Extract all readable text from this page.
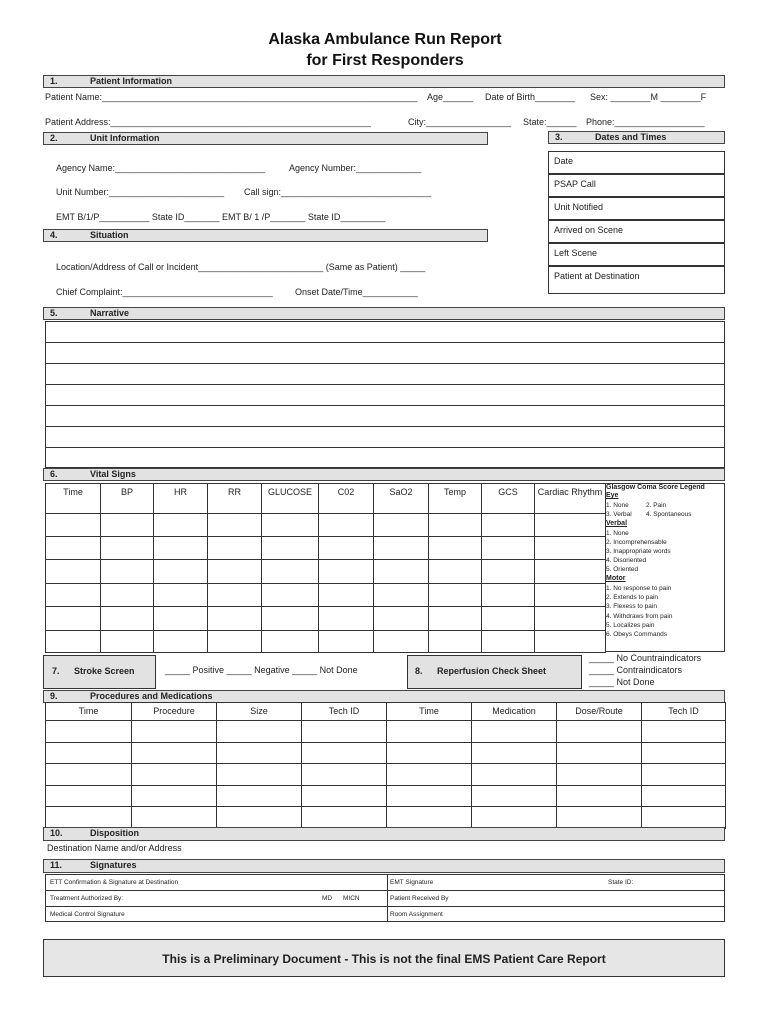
Alaska Ambulance Run Report
for First Responders
1.	Patient Information
Patient Name:_______________________________________________________________ Age______ Date of Birth________ Sex: ________M ________F
Patient Address:____________________________________________________	City:_________________ State:______ Phone:__________________
2.	Unit Information
Agency Name:______________________________	Agency Number:_____________
Unit Number:_______________________ Call sign:______________________________
EMT B/1/P__________ State ID_______ EMT B/ 1 /P_______ State ID_________
3.	Dates and Times
Date
PSAP Call
Unit Notified
Arrived on Scene
Left Scene
Patient at Destination
4.	Situation
Location/Address of Call or Incident_________________________ (Same as Patient) _____
Chief Complaint:______________________________ Onset Date/Time___________
5.	Narrative

6.	Vital Signs
Time	BP	HR	RR	GLUCOSE	C02	SaO2	Temp	GCS	Cardiac Rhythm

									Glasgow Coma Score Legend
Eye
1. None	2. Pain
3. Verbal 4. Spontaneous
Verbal
1. None
2. Incomprehensable
3. Inappropriate words
4. Disoriented
5. Oriented
Motor
1. No response to pain
2. Extends to pain
3. Flexess to pain
4. Withdraws from pain
5. Localizes pain
6. Obeys Commands
7. Stroke Screen	_____ Positive _____ Negative _____ Not Done	8. Reperfusion Check Sheet
_____ No Countraindicators
_____ Contraindicators
_____ Not Done
9.	Procedures and Medications
Time	Procedure	Size	Tech ID	Time	Medication	Dose/Route	Tech ID

10.	Disposition
Destination Name and/or Address
11.	Signatures
ETT Confirmation & Signature at Destination	EMT Signature	State ID:
Treatment Authorized By:	MD MICN	Patient Received By
Medical Control Signature	Room Assignment
This is a Preliminary Document - This is not the final EMS Patient Care Report
